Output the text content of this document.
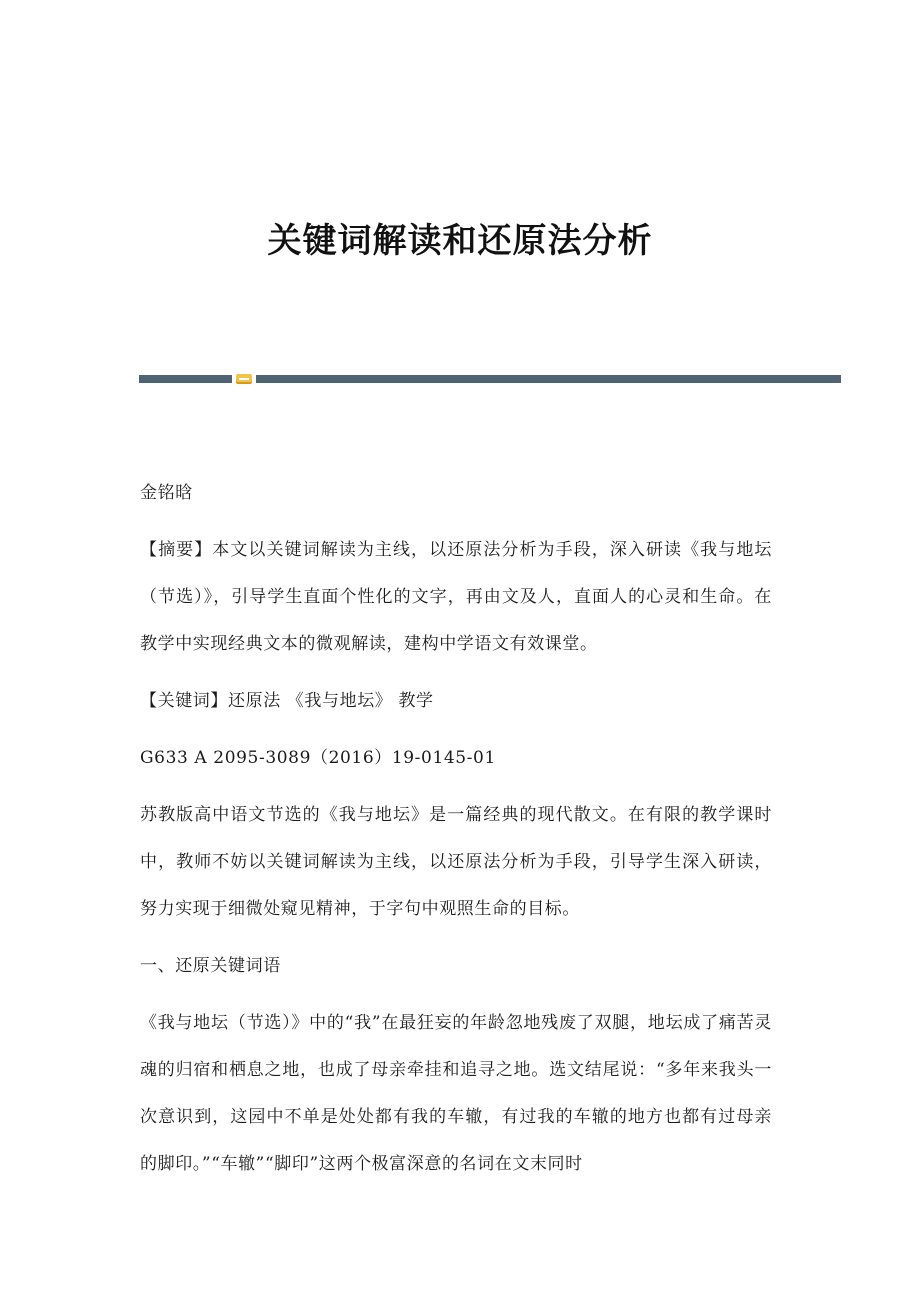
关键词解读和还原法分析

金铭晗

【摘要】本文以关键词解读为主线，以还原法分析为手段，深入研读《我与地坛（节选）》，引导学生直面个性化的文字，再由文及人，直面人的心灵和生命。在教学中实现经典文本的微观解读，建构中学语文有效课堂。

【关键词】还原法 《我与地坛》 教学

G633 A 2095-3089（2016）19-0145-01

苏教版高中语文节选的《我与地坛》是一篇经典的现代散文。在有限的教学课时中，教师不妨以关键词解读为主线，以还原法分析为手段，引导学生深入研读，努力实现于细微处窥见精神，于字句中观照生命的目标。

一、还原关键词语

《我与地坛（节选）》中的“我”在最狂妄的年龄忽地残废了双腿，地坛成了痛苦灵魂的归宿和栖息之地，也成了母亲牵挂和追寻之地。选文结尾说：“多年来我头一次意识到，这园中不单是处处都有我的车辙，有过我的车辙的地方也都有过母亲的脚印。”“车辙”“脚印”这两个极富深意的名词在文末同时
